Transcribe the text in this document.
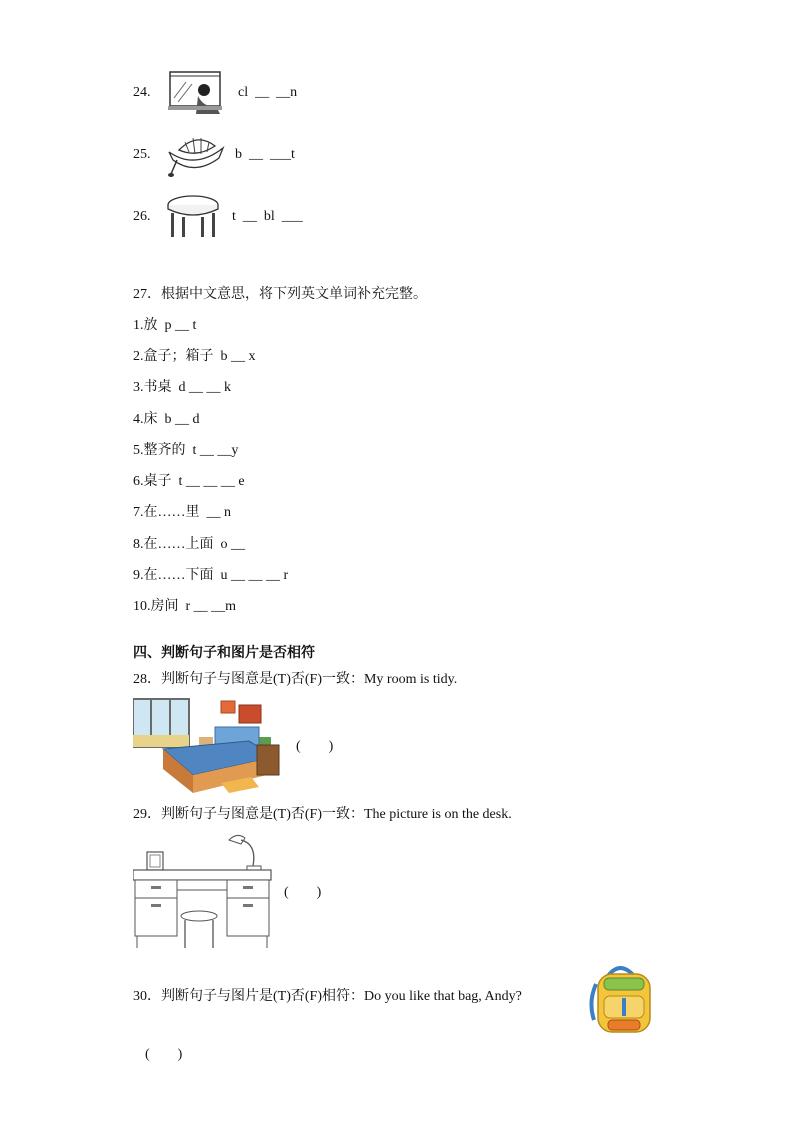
24.	cl  __  __n
25.	b  __  ___t
26.	t  __  bl  ___
27．根据中文意思，将下列英文单词补充完整。
1.放  p __ t
2.盒子；箱子  b __ x
3.书桌  d __ __ k
4.床  b __ d
5.整齐的  t __ __y
6.桌子  t __ __ __ e
7.在……里  __ n
8.在……上面  o __
9.在……下面  u __ __ __ r
10.房间  r __ __m
四、判断句子和图片是否相符
28．判断句子与图意是(T)否(F)一致：My room is tidy.
(        )
29．判断句子与图意是(T)否(F)一致：The picture is on the desk.
(        )
30．判断句子与图片是(T)否(F)相符：Do you like that bag, Andy?
(        )
